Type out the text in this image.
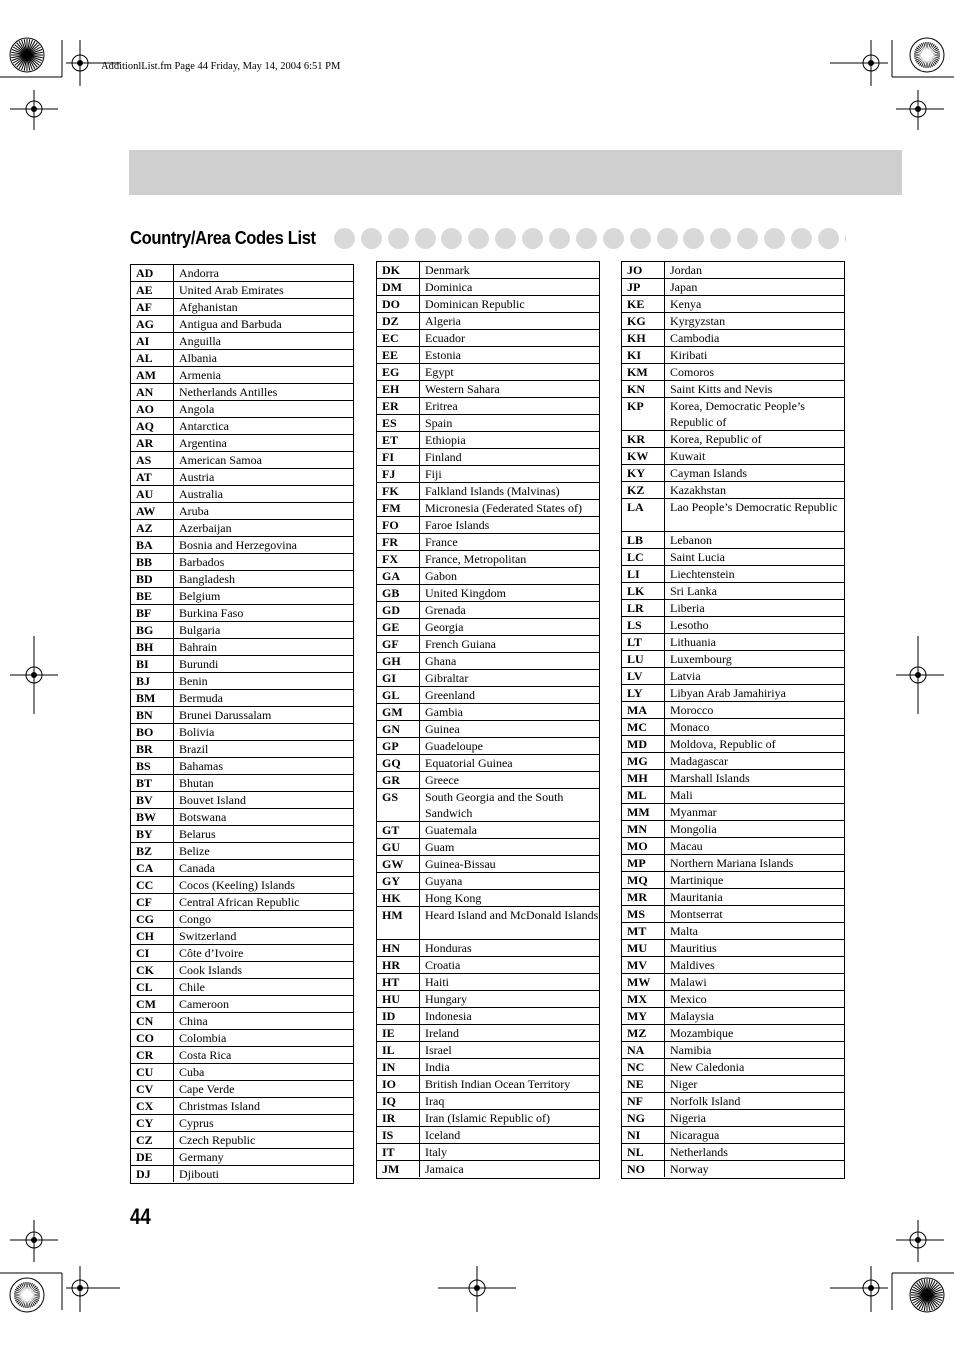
AdditionlList.fm Page 44 Friday, May 14, 2004 6:51 PM
Country/Area Codes List
AD	Andorra
AE	United Arab Emirates
AF	Afghanistan
AG	Antigua and Barbuda
AI	Anguilla
AL	Albania
AM	Armenia
AN	Netherlands Antilles
AO	Angola
AQ	Antarctica
AR	Argentina
AS	American Samoa
AT	Austria
AU	Australia
AW	Aruba
AZ	Azerbaijan
BA	Bosnia and Herzegovina
BB	Barbados
BD	Bangladesh
BE	Belgium
BF	Burkina Faso
BG	Bulgaria
BH	Bahrain
BI	Burundi
BJ	Benin
BM	Bermuda
BN	Brunei Darussalam
BO	Bolivia
BR	Brazil
BS	Bahamas
BT	Bhutan
BV	Bouvet Island
BW	Botswana
BY	Belarus
BZ	Belize
CA	Canada
CC	Cocos (Keeling) Islands
CF	Central African Republic
CG	Congo
CH	Switzerland
CI	Côte d’Ivoire
CK	Cook Islands
CL	Chile
CM	Cameroon
CN	China
CO	Colombia
CR	Costa Rica
CU	Cuba
CV	Cape Verde
CX	Christmas Island
CY	Cyprus
CZ	Czech Republic
DE	Germany
DJ	Djibouti
DK	Denmark
DM	Dominica
DO	Dominican Republic
DZ	Algeria
EC	Ecuador
EE	Estonia
EG	Egypt
EH	Western Sahara
ER	Eritrea
ES	Spain
ET	Ethiopia
FI	Finland
FJ	Fiji
FK	Falkland Islands (Malvinas)
FM	Micronesia (Federated States of)
FO	Faroe Islands
FR	France
FX	France, Metropolitan
GA	Gabon
GB	United Kingdom
GD	Grenada
GE	Georgia
GF	French Guiana
GH	Ghana
GI	Gibraltar
GL	Greenland
GM	Gambia
GN	Guinea
GP	Guadeloupe
GQ	Equatorial Guinea
GR	Greece
GS	South Georgia and the South Sandwich
GT	Guatemala
GU	Guam
GW	Guinea-Bissau
GY	Guyana
HK	Hong Kong
HM	Heard Island and McDonald Islands
HN	Honduras
HR	Croatia
HT	Haiti
HU	Hungary
ID	Indonesia
IE	Ireland
IL	Israel
IN	India
IO	British Indian Ocean Territory
IQ	Iraq
IR	Iran (Islamic Republic of)
IS	Iceland
IT	Italy
JM	Jamaica
JO	Jordan
JP	Japan
KE	Kenya
KG	Kyrgyzstan
KH	Cambodia
KI	Kiribati
KM	Comoros
KN	Saint Kitts and Nevis
KP	Korea, Democratic People’s Republic of
KR	Korea, Republic of
KW	Kuwait
KY	Cayman Islands
KZ	Kazakhstan
LA	Lao People’s Democratic Republic
LB	Lebanon
LC	Saint Lucia
LI	Liechtenstein
LK	Sri Lanka
LR	Liberia
LS	Lesotho
LT	Lithuania
LU	Luxembourg
LV	Latvia
LY	Libyan Arab Jamahiriya
MA	Morocco
MC	Monaco
MD	Moldova, Republic of
MG	Madagascar
MH	Marshall Islands
ML	Mali
MM	Myanmar
MN	Mongolia
MO	Macau
MP	Northern Mariana Islands
MQ	Martinique
MR	Mauritania
MS	Montserrat
MT	Malta
MU	Mauritius
MV	Maldives
MW	Malawi
MX	Mexico
MY	Malaysia
MZ	Mozambique
NA	Namibia
NC	New Caledonia
NE	Niger
NF	Norfolk Island
NG	Nigeria
NI	Nicaragua
NL	Netherlands
NO	Norway
44
